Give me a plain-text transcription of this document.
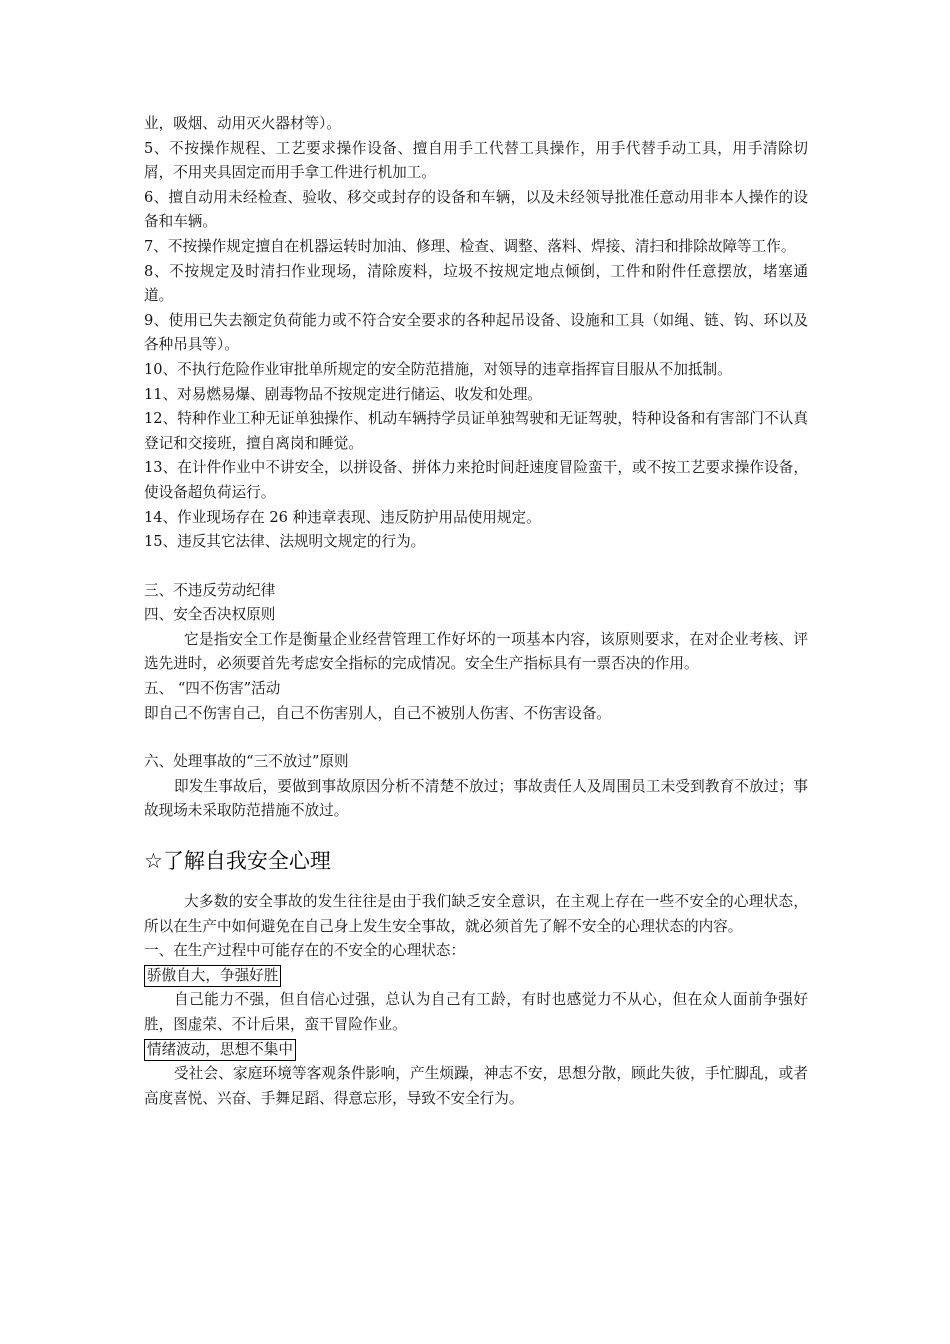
业，吸烟、动用灭火器材等）。

5、不按操作规程、工艺要求操作设备、擅自用手工代替工具操作，用手代替手动工具，用手清除切屑，不用夹具固定而用手拿工件进行机加工。

6、擅自动用未经检查、验收、移交或封存的设备和车辆，以及未经领导批准任意动用非本人操作的设备和车辆。

7、不按操作规定擅自在机器运转时加油、修理、检查、调整、落料、焊接、清扫和排除故障等工作。

8、不按规定及时清扫作业现场，清除废料，垃圾不按规定地点倾倒，工件和附件任意摆放，堵塞通道。

9、使用已失去额定负荷能力或不符合安全要求的各种起吊设备、设施和工具（如绳、链、钩、环以及各种吊具等）。

10、不执行危险作业审批单所规定的安全防范措施，对领导的违章指挥盲目服从不加抵制。

11、对易燃易爆、剧毒物品不按规定进行储运、收发和处理。

12、特种作业工种无证单独操作、机动车辆持学员证单独驾驶和无证驾驶，特种设备和有害部门不认真登记和交接班，擅自离岗和睡觉。

13、在计件作业中不讲安全，以拼设备、拼体力来抢时间赶速度冒险蛮干，或不按工艺要求操作设备，使设备超负荷运行。

14、作业现场存在 26 种违章表现、违反防护用品使用规定。

15、违反其它法律、法规明文规定的行为。

三、不违反劳动纪律

四、安全否决权原则

它是指安全工作是衡量企业经营管理工作好坏的一项基本内容，该原则要求，在对企业考核、评选先进时，必须要首先考虑安全指标的完成情况。安全生产指标具有一票否决的作用。

五、 “四不伤害”活动

即自己不伤害自己，自己不伤害别人，自己不被别人伤害、不伤害设备。

六、处理事故的“三不放过”原则

即发生事故后，要做到事故原因分析不清楚不放过；事故责任人及周围员工未受到教育不放过；事故现场未采取防范措施不放过。

☆了解自我安全心理

大多数的安全事故的发生往往是由于我们缺乏安全意识，在主观上存在一些不安全的心理状态，所以在生产中如何避免在自己身上发生安全事故，就必须首先了解不安全的心理状态的内容。

一、在生产过程中可能存在的不安全的心理状态：

骄傲自大，争强好胜

自己能力不强，但自信心过强，总认为自己有工龄，有时也感觉力不从心，但在众人面前争强好胜，图虚荣、不计后果，蛮干冒险作业。

情绪波动，思想不集中

受社会、家庭环境等客观条件影响，产生烦躁，神志不安，思想分散，顾此失彼，手忙脚乱，或者高度喜悦、兴奋、手舞足蹈、得意忘形，导致不安全行为。
